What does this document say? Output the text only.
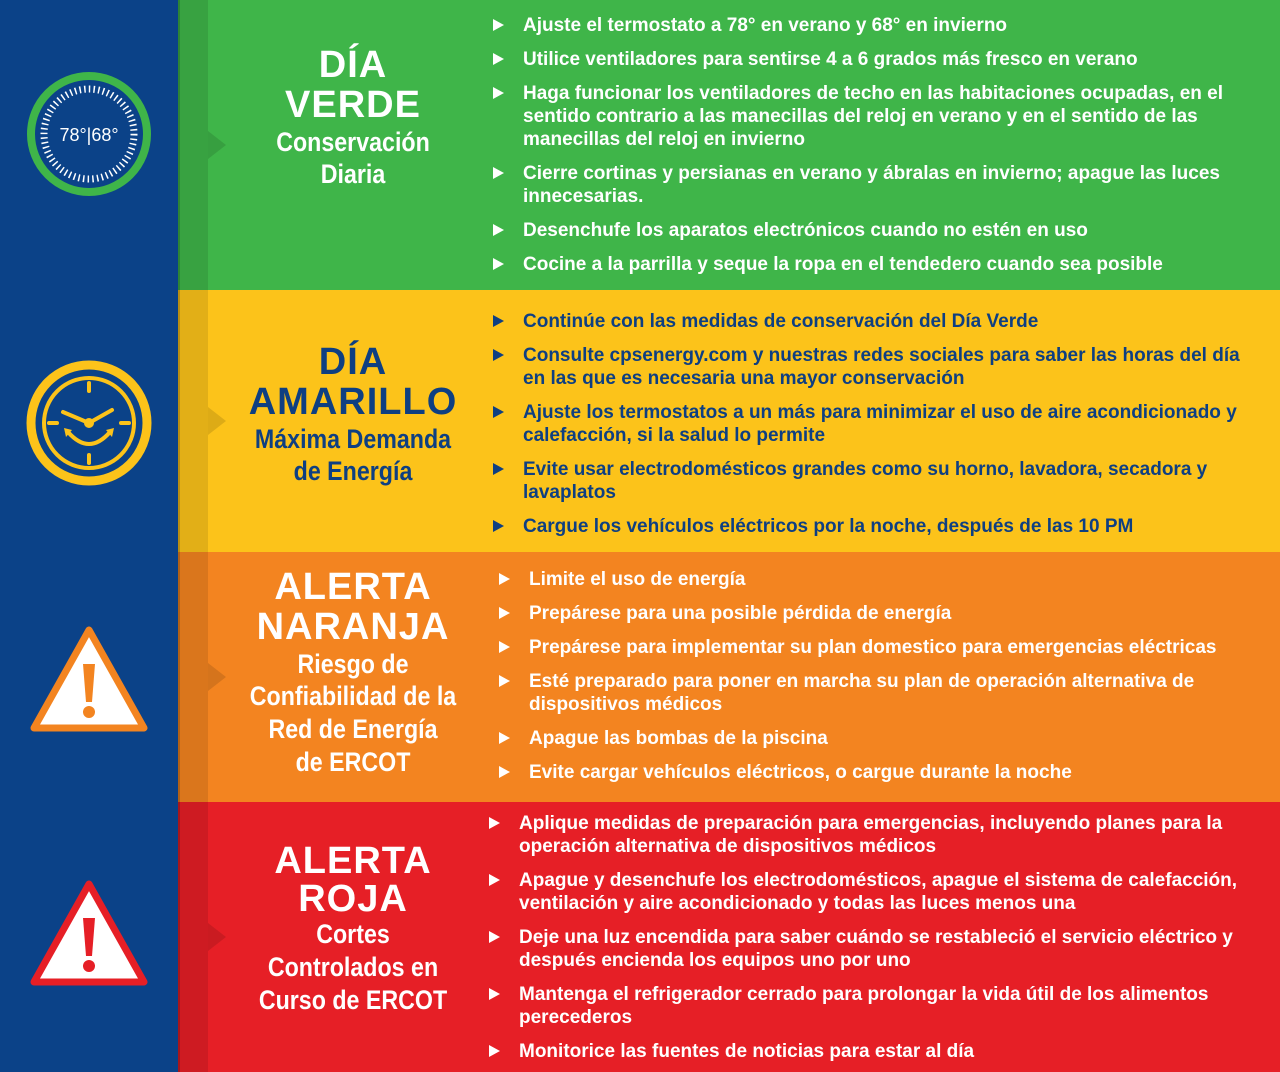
78°|68°
DÍA
VERDE
Conservación
Diaria
Ajuste el termostato a 78° en verano y 68° en invierno
Utilice ventiladores para sentirse 4 a 6 grados más fresco en verano
Haga funcionar los ventiladores de techo en las habitaciones ocupadas, en el sentido contrario a las manecillas del reloj en verano y en el sentido de las manecillas del reloj en invierno
Cierre cortinas y persianas en verano y ábralas en invierno; apague las luces innecesarias.
Desenchufe los aparatos electrónicos cuando no estén en uso
Cocine a la parrilla y seque la ropa en el tendedero cuando sea posible
DÍA
AMARILLO
Máxima Demanda
de Energía
Continúe con las medidas de conservación del Día Verde
Consulte cpsenergy.com y nuestras redes sociales para saber las horas del día en las que es necesaria una mayor conservación
Ajuste los termostatos a un más para minimizar el uso de aire acondicionado y calefacción, si la salud lo permite
Evite usar electrodomésticos grandes como su horno, lavadora, secadora y lavaplatos
Cargue los vehículos eléctricos por la noche, después de las 10 PM
ALERTA
NARANJA
Riesgo de
Confiabilidad de la
Red de Energía
de ERCOT
Limite el uso de energía
Prepárese para una posible pérdida de energía
Prepárese para implementar su plan domestico para emergencias eléctricas
Esté preparado para poner en marcha su plan de operación alternativa de dispositivos médicos
Apague las bombas de la piscina
Evite cargar vehículos eléctricos, o cargue durante la noche
ALERTA
ROJA
Cortes
Controlados en
Curso de ERCOT
Aplique medidas de preparación para emergencias, incluyendo planes para la operación alternativa de dispositivos médicos
Apague y desenchufe los electrodomésticos, apague el sistema de calefacción, ventilación y aire acondicionado y todas las luces menos una
Deje una luz encendida para saber cuándo se restableció el servicio eléctrico y después encienda los equipos uno por uno
Mantenga el refrigerador cerrado para prolongar la vida útil de los alimentos perecederos
Monitorice las fuentes de noticias para estar al día
